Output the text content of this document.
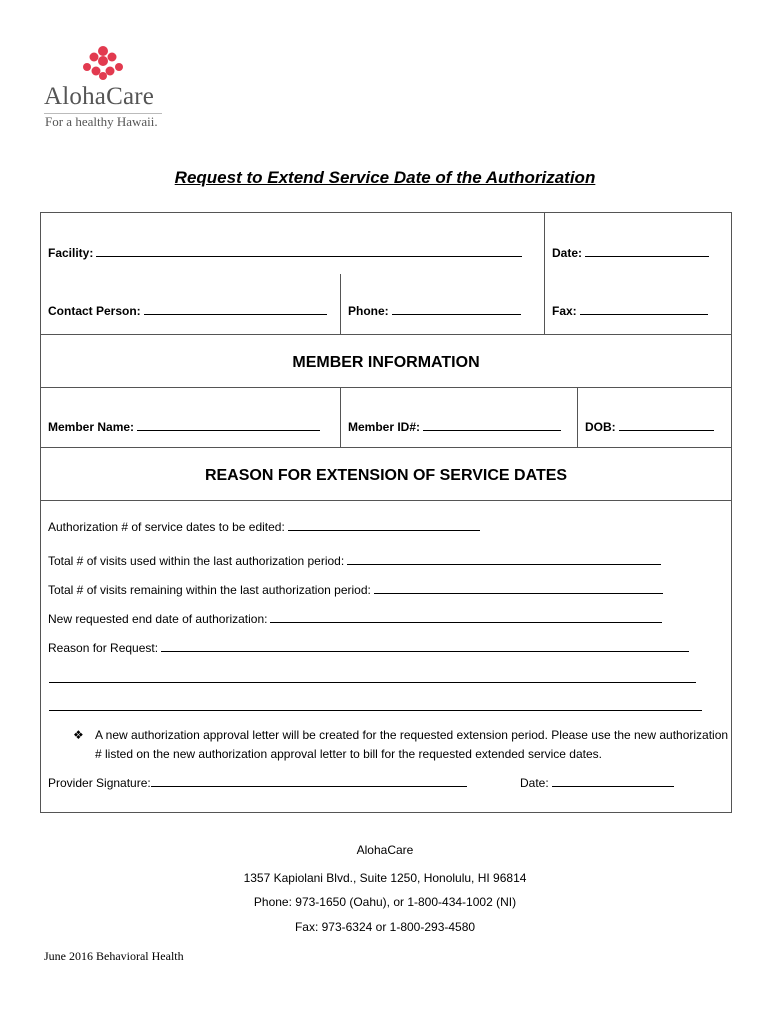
AlohaCare
For a healthy Hawaii.
Request to Extend Service Date of the Authorization
Facility:	Date:
Contact Person:	Phone:	Fax:
MEMBER INFORMATION
Member Name:	Member ID#:	DOB:
REASON FOR EXTENSION OF SERVICE DATES
Authorization # of service dates to be edited:
Total # of visits used within the last authorization period:
Total # of visits remaining within the last authorization period:
New requested end date of authorization:
Reason for Request:
❖ A new authorization approval letter will be created for the requested extension period. Please use the new authorization # listed on the new authorization approval letter to bill for the requested extended service dates.
Provider Signature:	Date:
AlohaCare
1357 Kapiolani Blvd., Suite 1250, Honolulu, HI 96814
Phone: 973-1650 (Oahu), or 1-800-434-1002 (NI)
Fax: 973-6324 or 1-800-293-4580
June 2016 Behavioral Health
